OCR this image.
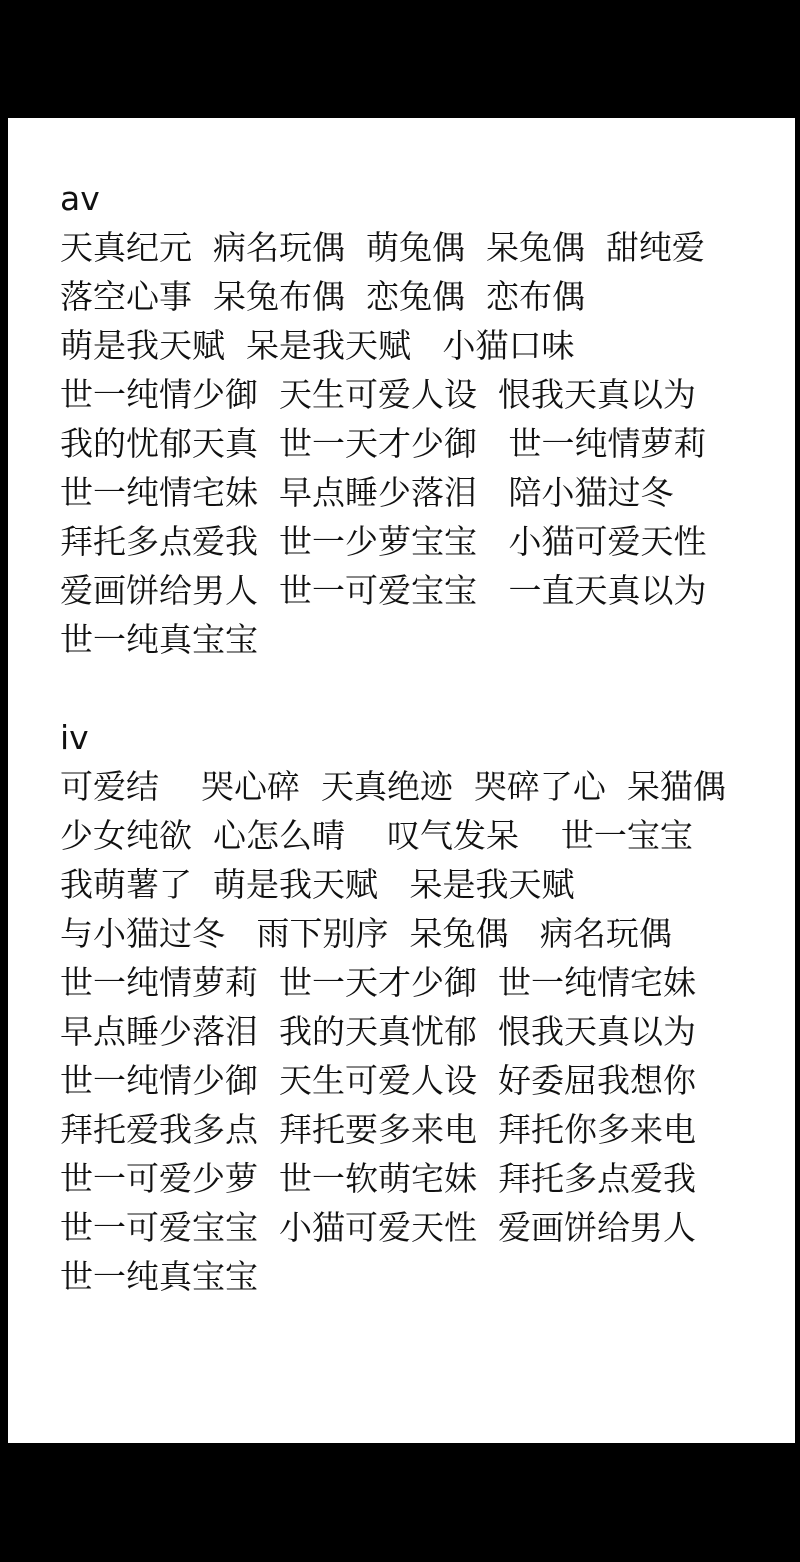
av
天真纪元  病名玩偶  萌兔偶  呆兔偶  甜纯爱
落空心事  呆兔布偶  恋兔偶  恋布偶
萌是我天赋  呆是我天赋   小猫口味
世一纯情少御  天生可爱人设  恨我天真以为
我的忧郁天真  世一天才少御   世一纯情萝莉
世一纯情宅妹  早点睡少落泪   陪小猫过冬
拜托多点爱我  世一少萝宝宝   小猫可爱天性
爱画饼给男人  世一可爱宝宝   一直天真以为
世一纯真宝宝
iv
可爱结    哭心碎  天真绝迹  哭碎了心  呆猫偶
少女纯欲  心怎么晴    叹气发呆    世一宝宝
我萌薯了  萌是我天赋   呆是我天赋
与小猫过冬   雨下别序  呆兔偶   病名玩偶
世一纯情萝莉  世一天才少御  世一纯情宅妹
早点睡少落泪  我的天真忧郁  恨我天真以为
世一纯情少御  天生可爱人设  好委屈我想你
拜托爱我多点  拜托要多来电  拜托你多来电
世一可爱少萝  世一软萌宅妹  拜托多点爱我
世一可爱宝宝  小猫可爱天性  爱画饼给男人
世一纯真宝宝
